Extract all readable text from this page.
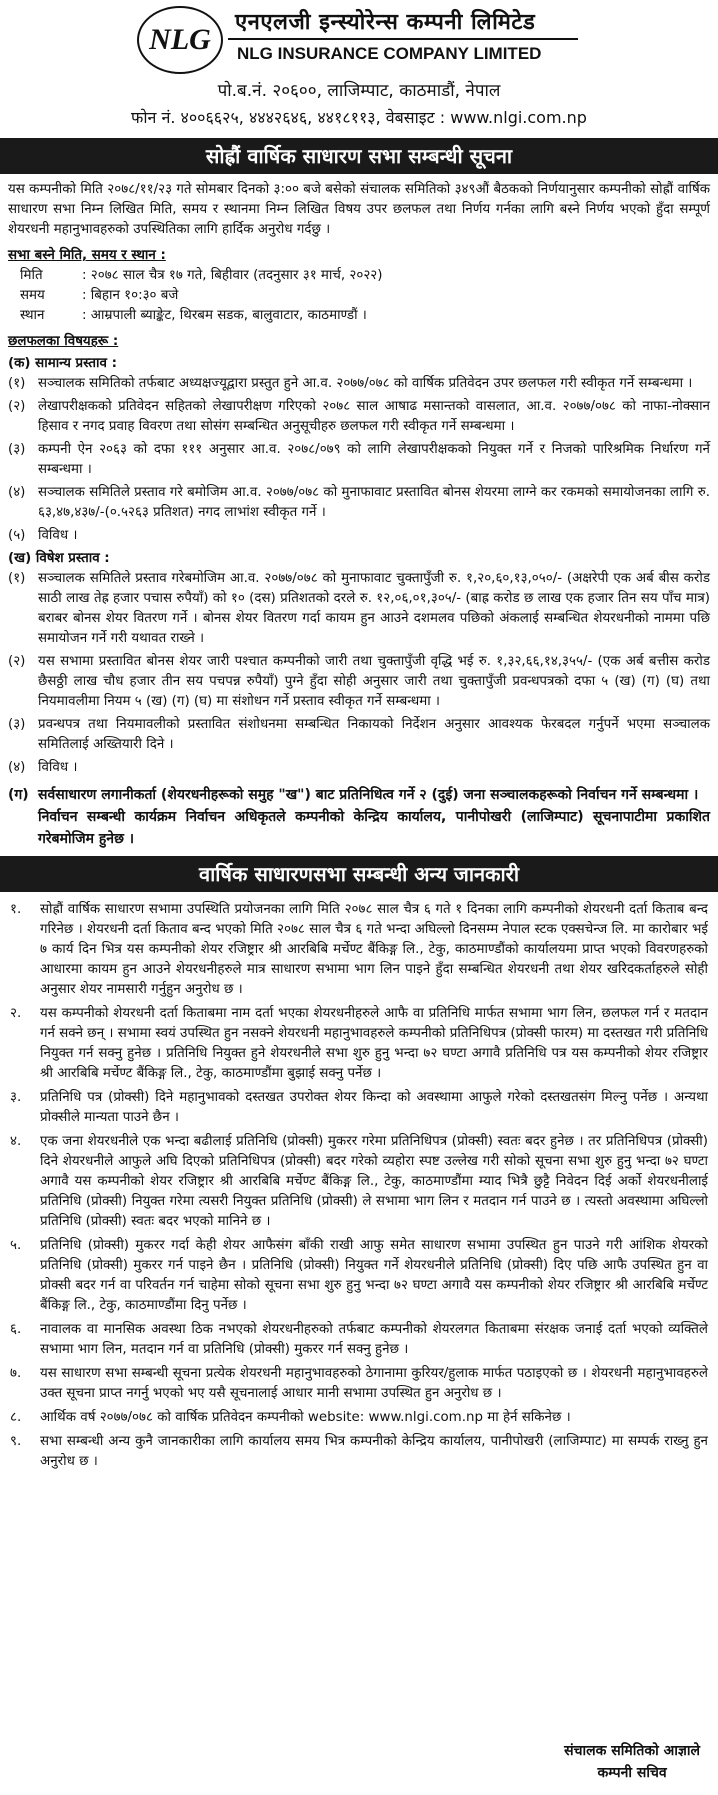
NLG
एनएलजी इन्स्योरेन्स कम्पनी लिमिटेड
NLG INSURANCE COMPANY LIMITED
पो.ब.नं. २०६००, लाजिम्पाट, काठमाडौं, नेपाल
फोन नं. ४००६६२५, ४४४२६४६, ४४१८११३, वेबसाइट : www.nlgi.com.np
सोह्रौं वार्षिक साधारण सभा सम्बन्धी सूचना
यस कम्पनीको मिति २०७८/११/२३ गते सोमबार दिनको ३:०० बजे बसेको संचालक समितिको ३४९औं बैठकको निर्णयानुसार कम्पनीको सोह्रौं वार्षिक साधारण सभा निम्न लिखित मिति, समय र स्थानमा निम्न लिखित विषय उपर छलफल तथा निर्णय गर्नका लागि बस्ने निर्णय भएको हुँदा सम्पूर्ण शेयरधनी महानुभावहरुको उपस्थितिका लागि हार्दिक अनुरोध गर्दछु ।
सभा बस्ने मिति, समय र स्थान :
मिति	: २०७८ साल चैत्र १७ गते, बिहीवार (तदनुसार ३१ मार्च, २०२२)
समय	: बिहान १०:३० बजे
स्थान	: आम्रपाली ब्याङ्केट, थिरबम सडक, बालुवाटार, काठमाण्डौं ।
छलफलका विषयहरू :
(क) सामान्य प्रस्ताव :
(१) सञ्चालक समितिको तर्फबाट अध्यक्षज्यूद्वारा प्रस्तुत हुने आ.व. २०७७/०७८ को वार्षिक प्रतिवेदन उपर छलफल गरी स्वीकृत गर्ने सम्बन्धमा ।
(२) लेखापरीक्षकको प्रतिवेदन सहितको लेखापरीक्षण गरिएको २०७८ साल आषाढ मसान्तको वासलात, आ.व. २०७७/०७८ को नाफा-नोक्सान हिसाव र नगद प्रवाह विवरण तथा सोसंग सम्बन्धित अनुसूचीहरु छलफल गरी स्वीकृत गर्ने सम्बन्धमा ।
(३) कम्पनी ऐन २०६३ को दफा १११ अनुसार आ.व. २०७८/०७९ को लागि लेखापरीक्षकको नियुक्त गर्ने र निजको पारिश्रमिक निर्धारण गर्ने सम्बन्धमा ।
(४) सञ्चालक समितिले प्रस्ताव गरे बमोजिम आ.व. २०७७/०७८ को मुनाफावाट प्रस्तावित बोनस शेयरमा लाग्ने कर रकमको समायोजनका लागि रु. ६३,४७,४३७/-(०.५२६३ प्रतिशत) नगद लाभांश स्वीकृत गर्ने ।
(५) विविध ।
(ख) विषेश प्रस्ताव :
(१) सञ्चालक समितिले प्रस्ताव गरेबमोजिम आ.व. २०७७/०७८ को मुनाफावाट चुक्तापुँजी रु. १,२०,६०,१३,०५०/- (अक्षरेपी एक अर्ब बीस करोड साठी लाख तेह्र हजार पचास रुपैयाँ) को १० (दस) प्रतिशतको दरले रु. १२,०६,०१,३०५/- (बाह्र करोड छ लाख एक हजार तिन सय पाँच मात्र) बराबर बोनस शेयर वितरण गर्ने । बोनस शेयर वितरण गर्दा कायम हुन आउने दशमलव पछिको अंकलाई सम्बन्धित शेयरधनीको नाममा पछि समायोजन गर्ने गरी यथावत राख्ने ।
(२) यस सभामा प्रस्तावित बोनस शेयर जारी पश्चात कम्पनीको जारी तथा चुक्तापुँजी वृद्धि भई रु. १,३२,६६,१४,३५५/- (एक अर्ब बत्तीस करोड छैसठ्ठी लाख चौध हजार तीन सय पचपन्न रुपैयाँ) पुग्ने हुँदा सोही अनुसार जारी तथा चुक्तापुँजी प्रवन्धपत्रको दफा ५ (ख) (ग) (घ) तथा नियमावलीमा नियम ५ (ख) (ग) (घ) मा संशोधन गर्ने प्रस्ताव स्वीकृत गर्ने सम्बन्धमा ।
(३) प्रवन्धपत्र तथा नियमावलीको प्रस्तावित संशोधनमा सम्बन्धित निकायको निर्देशन अनुसार आवश्यक फेरबदल गर्नुपर्ने भएमा सञ्चालक समितिलाई अख्तियारी दिने ।
(४) विविध ।
(ग) सर्वसाधारण लगानीकर्ता (शेयरधनीहरूको समुह "ख") बाट प्रतिनिधित्व गर्ने २ (दुई) जना सञ्चालकहरूको निर्वाचन गर्ने सम्बन्धमा ।
निर्वाचन सम्बन्धी कार्यक्रम निर्वाचन अधिकृतले कम्पनीको केन्द्रिय कार्यालय, पानीपोखरी (लाजिम्पाट) सूचनापाटीमा प्रकाशित गरेबमोजिम हुनेछ ।
वार्षिक साधारणसभा सम्बन्धी अन्य जानकारी
१.	सोह्रौं वार्षिक साधारण सभामा उपस्थिति प्रयोजनका लागि मिति २०७८ साल चैत्र ६ गते १ दिनका लागि कम्पनीको शेयरधनी दर्ता किताब बन्द गरिनेछ । शेयरधनी दर्ता किताव बन्द भएको मिति २०७८ साल चैत्र ६ गते भन्दा अघिल्लो दिनसम्म नेपाल स्टक एक्सचेन्ज लि. मा कारोबार भई ७ कार्य दिन भित्र यस कम्पनीको शेयर रजिष्ट्रार श्री आरबिबि मर्चेण्ट बैंकिङ्ग लि., टेकु, काठमाण्डौंको कार्यालयमा प्राप्त भएको विवरणहरुको आधारमा कायम हुन आउने शेयरधनीहरुले मात्र साधारण सभामा भाग लिन पाइने हुँदा सम्बन्धित शेयरधनी तथा शेयर खरिदकर्ताहरुले सोही अनुसार शेयर नामसारी गर्नुहुन अनुरोध छ ।
२.	यस कम्पनीको शेयरधनी दर्ता किताबमा नाम दर्ता भएका शेयरधनीहरुले आफै वा प्रतिनिधि मार्फत सभामा भाग लिन, छलफल गर्न र मतदान गर्न सक्ने छन् । सभामा स्वयं उपस्थित हुन नसक्ने शेयरधनी महानुभावहरुले कम्पनीको प्रतिनिधिपत्र (प्रोक्सी फारम) मा दस्तखत गरी प्रतिनिधि नियुक्त गर्न सक्नु हुनेछ । प्रतिनिधि नियुक्त हुने शेयरधनीले सभा शुरु हुनु भन्दा ७२ घण्टा अगावै प्रतिनिधि पत्र यस कम्पनीको शेयर रजिष्ट्रार श्री आरबिबि मर्चेण्ट बैंकिङ्ग लि., टेकु, काठमाण्डौंमा बुझाई सक्नु पर्नेछ ।
३.	प्रतिनिधि पत्र (प्रोक्सी) दिने महानुभावको दस्तखत उपरोक्त शेयर किन्दा को अवस्थामा आफुले गरेको दस्तखतसंग मिल्नु पर्नेछ । अन्यथा प्रोक्सीले मान्यता पाउने छैन ।
४.	एक जना शेयरधनीले एक भन्दा बढीलाई प्रतिनिधि (प्रोक्सी) मुकरर गरेमा प्रतिनिधिपत्र (प्रोक्सी) स्वतः बदर हुनेछ । तर प्रतिनिधिपत्र (प्रोक्सी) दिने शेयरधनीले आफुले अघि दिएको प्रतिनिधिपत्र (प्रोक्सी) बदर गरेको व्यहोरा स्पष्ट उल्लेख गरी सोको सूचना सभा शुरु हुनु भन्दा ७२ घण्टा अगावै यस कम्पनीको शेयर रजिष्ट्रार श्री आरबिबि मर्चेण्ट बैंकिङ्ग लि., टेकु, काठमाण्डौंमा म्याद भित्रै छुट्टै निवेदन दिई अर्को शेयरधनीलाई प्रतिनिधि (प्रोक्सी) नियुक्त गरेमा त्यसरी नियुक्त प्रतिनिधि (प्रोक्सी) ले सभामा भाग लिन र मतदान गर्न पाउने छ । त्यस्तो अवस्थामा अघिल्लो प्रतिनिधि (प्रोक्सी) स्वतः बदर भएको मानिने छ ।
५.	प्रतिनिधि (प्रोक्सी) मुकरर गर्दा केही शेयर आफैसंग बाँकी राखी आफु समेत साधारण सभामा उपस्थित हुन पाउने गरी आंशिक शेयरको प्रतिनिधि (प्रोक्सी) मुकरर गर्न पाइने छैन । प्रतिनिधि (प्रोक्सी) नियुक्त गर्ने शेयरधनीले प्रतिनिधि (प्रोक्सी) दिए पछि आफै उपस्थित हुन वा प्रोक्सी बदर गर्न वा परिवर्तन गर्न चाहेमा सोको सूचना सभा शुरु हुनु भन्दा ७२ घण्टा अगावै यस कम्पनीको शेयर रजिष्ट्रार श्री आरबिबि मर्चेण्ट बैंकिङ्ग लि., टेकु, काठमाण्डौंमा दिनु पर्नेछ ।
६.	नावालक वा मानसिक अवस्था ठिक नभएको शेयरधनीहरुको तर्फबाट कम्पनीको शेयरलगत किताबमा संरक्षक जनाई दर्ता भएको व्यक्तिले सभामा भाग लिन, मतदान गर्न वा प्रतिनिधि (प्रोक्सी) मुकरर गर्न सक्नु हुनेछ ।
७.	यस साधारण सभा सम्बन्धी सूचना प्रत्येक शेयरधनी महानुभावहरुको ठेगानामा कुरियर/हुलाक मार्फत पठाइएको छ । शेयरधनी महानुभावहरुले उक्त सूचना प्राप्त नगर्नु भएको भए यसै सूचनालाई आधार मानी सभामा उपस्थित हुन अनुरोध छ ।
८.	आर्थिक वर्ष २०७७/०७८ को वार्षिक प्रतिवेदन कम्पनीको website: www.nlgi.com.np मा हेर्न सकिनेछ ।
९.	सभा सम्बन्धी अन्य कुनै जानकारीका लागि कार्यालय समय भित्र कम्पनीको केन्द्रिय कार्यालय, पानीपोखरी (लाजिम्पाट) मा सम्पर्क राख्नु हुन अनुरोध छ ।
संचालक समितिको आज्ञाले
कम्पनी सचिव
